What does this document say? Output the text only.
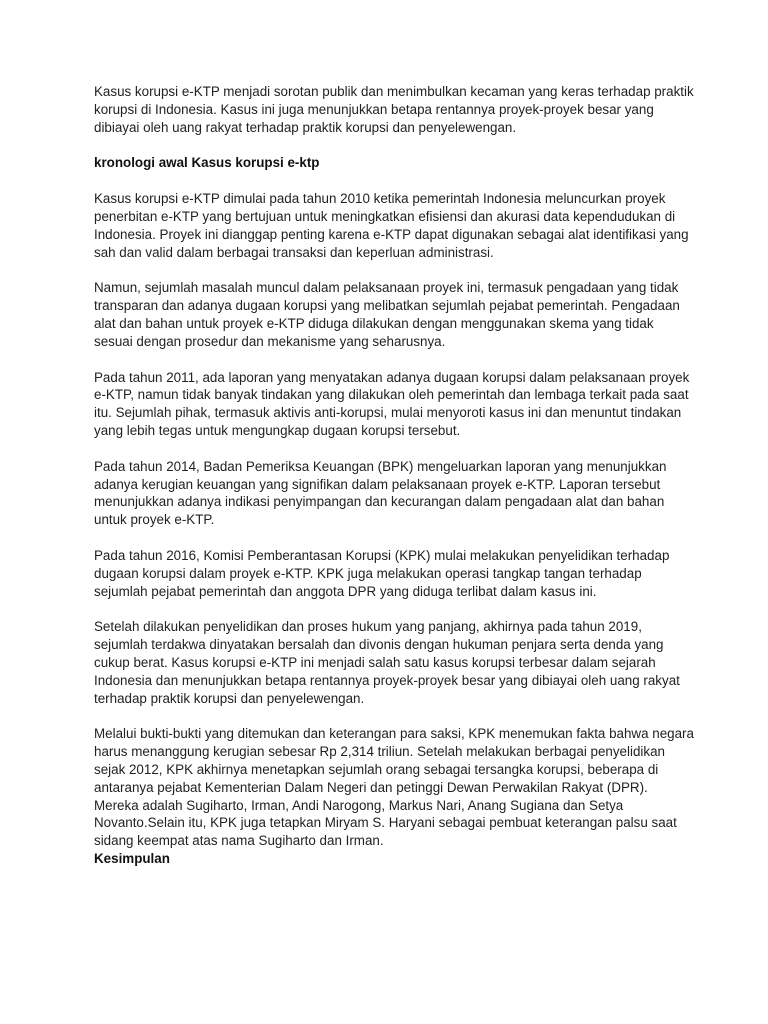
Kasus korupsi e-KTP menjadi sorotan publik dan menimbulkan kecaman yang keras terhadap praktik korupsi di Indonesia. Kasus ini juga menunjukkan betapa rentannya proyek-proyek besar yang dibiayai oleh uang rakyat terhadap praktik korupsi dan penyelewengan.

kronologi awal Kasus korupsi e-ktp

Kasus korupsi e-KTP dimulai pada tahun 2010 ketika pemerintah Indonesia meluncurkan proyek penerbitan e-KTP yang bertujuan untuk meningkatkan efisiensi dan akurasi data kependudukan di Indonesia. Proyek ini dianggap penting karena e-KTP dapat digunakan sebagai alat identifikasi yang sah dan valid dalam berbagai transaksi dan keperluan administrasi.

Namun, sejumlah masalah muncul dalam pelaksanaan proyek ini, termasuk pengadaan yang tidak transparan dan adanya dugaan korupsi yang melibatkan sejumlah pejabat pemerintah. Pengadaan alat dan bahan untuk proyek e-KTP diduga dilakukan dengan menggunakan skema yang tidak sesuai dengan prosedur dan mekanisme yang seharusnya.

Pada tahun 2011, ada laporan yang menyatakan adanya dugaan korupsi dalam pelaksanaan proyek e-KTP, namun tidak banyak tindakan yang dilakukan oleh pemerintah dan lembaga terkait pada saat itu. Sejumlah pihak, termasuk aktivis anti-korupsi, mulai menyoroti kasus ini dan menuntut tindakan yang lebih tegas untuk mengungkap dugaan korupsi tersebut.

Pada tahun 2014, Badan Pemeriksa Keuangan (BPK) mengeluarkan laporan yang menunjukkan adanya kerugian keuangan yang signifikan dalam pelaksanaan proyek e-KTP. Laporan tersebut menunjukkan adanya indikasi penyimpangan dan kecurangan dalam pengadaan alat dan bahan untuk proyek e-KTP.

Pada tahun 2016, Komisi Pemberantasan Korupsi (KPK) mulai melakukan penyelidikan terhadap dugaan korupsi dalam proyek e-KTP. KPK juga melakukan operasi tangkap tangan terhadap sejumlah pejabat pemerintah dan anggota DPR yang diduga terlibat dalam kasus ini.

Setelah dilakukan penyelidikan dan proses hukum yang panjang, akhirnya pada tahun 2019, sejumlah terdakwa dinyatakan bersalah dan divonis dengan hukuman penjara serta denda yang cukup berat. Kasus korupsi e-KTP ini menjadi salah satu kasus korupsi terbesar dalam sejarah Indonesia dan menunjukkan betapa rentannya proyek-proyek besar yang dibiayai oleh uang rakyat terhadap praktik korupsi dan penyelewengan.

Melalui bukti-bukti yang ditemukan dan keterangan para saksi, KPK menemukan fakta bahwa negara harus menanggung kerugian sebesar Rp 2,314 triliun. Setelah melakukan berbagai penyelidikan sejak 2012, KPK akhirnya menetapkan sejumlah orang sebagai tersangka korupsi, beberapa di antaranya pejabat Kementerian Dalam Negeri dan petinggi Dewan Perwakilan Rakyat (DPR). Mereka adalah Sugiharto, Irman, Andi Narogong, Markus Nari, Anang Sugiana dan Setya Novanto.Selain itu, KPK juga tetapkan Miryam S. Haryani sebagai pembuat keterangan palsu saat sidang keempat atas nama Sugiharto dan Irman.

Kesimpulan
